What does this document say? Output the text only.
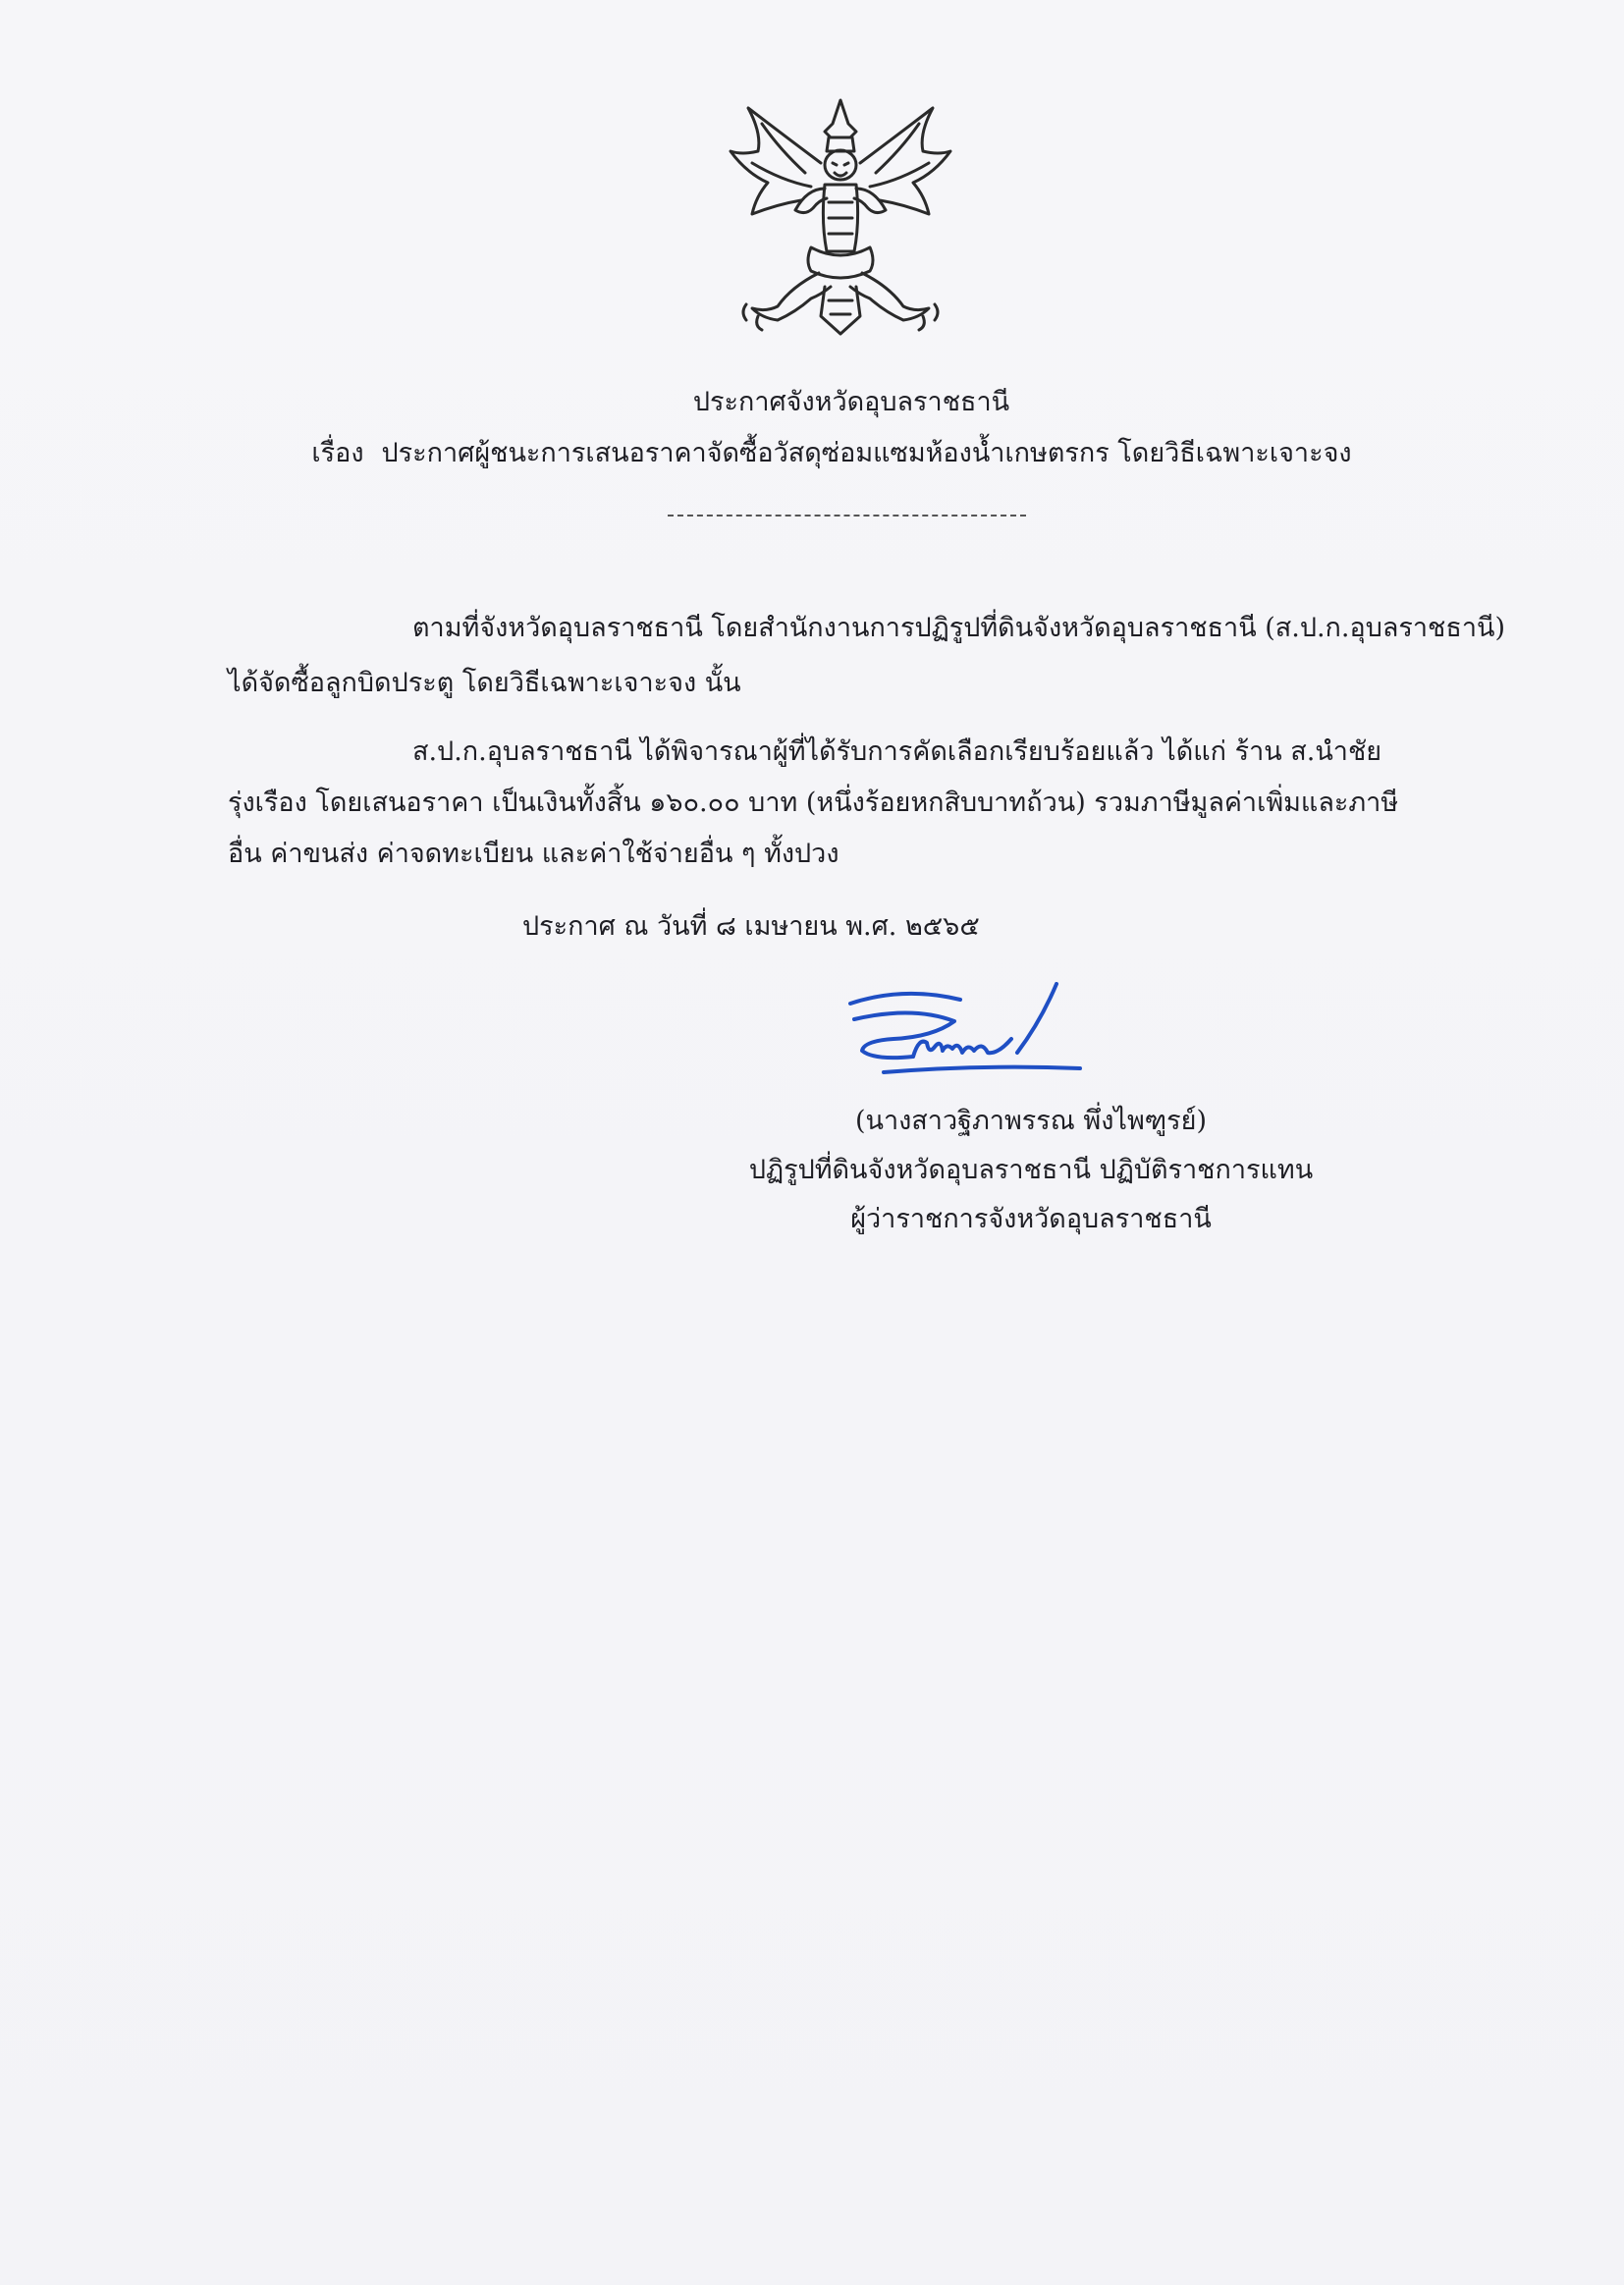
ประกาศจังหวัดอุบลราชธานี
เรื่อง ประกาศผู้ชนะการเสนอราคาจัดซื้อวัสดุซ่อมแซมห้องน้ำเกษตรกร โดยวิธีเฉพาะเจาะจง
ตามที่จังหวัดอุบลราชธานี โดยสำนักงานการปฏิรูปที่ดินจังหวัดอุบลราชธานี (ส.ป.ก.อุบลราชธานี)
ได้จัดซื้อลูกบิดประตู โดยวิธีเฉพาะเจาะจง นั้น
ส.ป.ก.อุบลราชธานี ได้พิจารณาผู้ที่ได้รับการคัดเลือกเรียบร้อยแล้ว ได้แก่ ร้าน ส.นำชัย
รุ่งเรือง โดยเสนอราคา เป็นเงินทั้งสิ้น ๑๖๐.๐๐ บาท (หนึ่งร้อยหกสิบบาทถ้วน) รวมภาษีมูลค่าเพิ่มและภาษี
อื่น ค่าขนส่ง ค่าจดทะเบียน และค่าใช้จ่ายอื่น ๆ ทั้งปวง
ประกาศ ณ วันที่ ๘ เมษายน พ.ศ. ๒๕๖๕
(นางสาวฐิภาพรรณ พึ่งไพฑูรย์)
ปฏิรูปที่ดินจังหวัดอุบลราชธานี ปฏิบัติราชการแทน
ผู้ว่าราชการจังหวัดอุบลราชธานี
